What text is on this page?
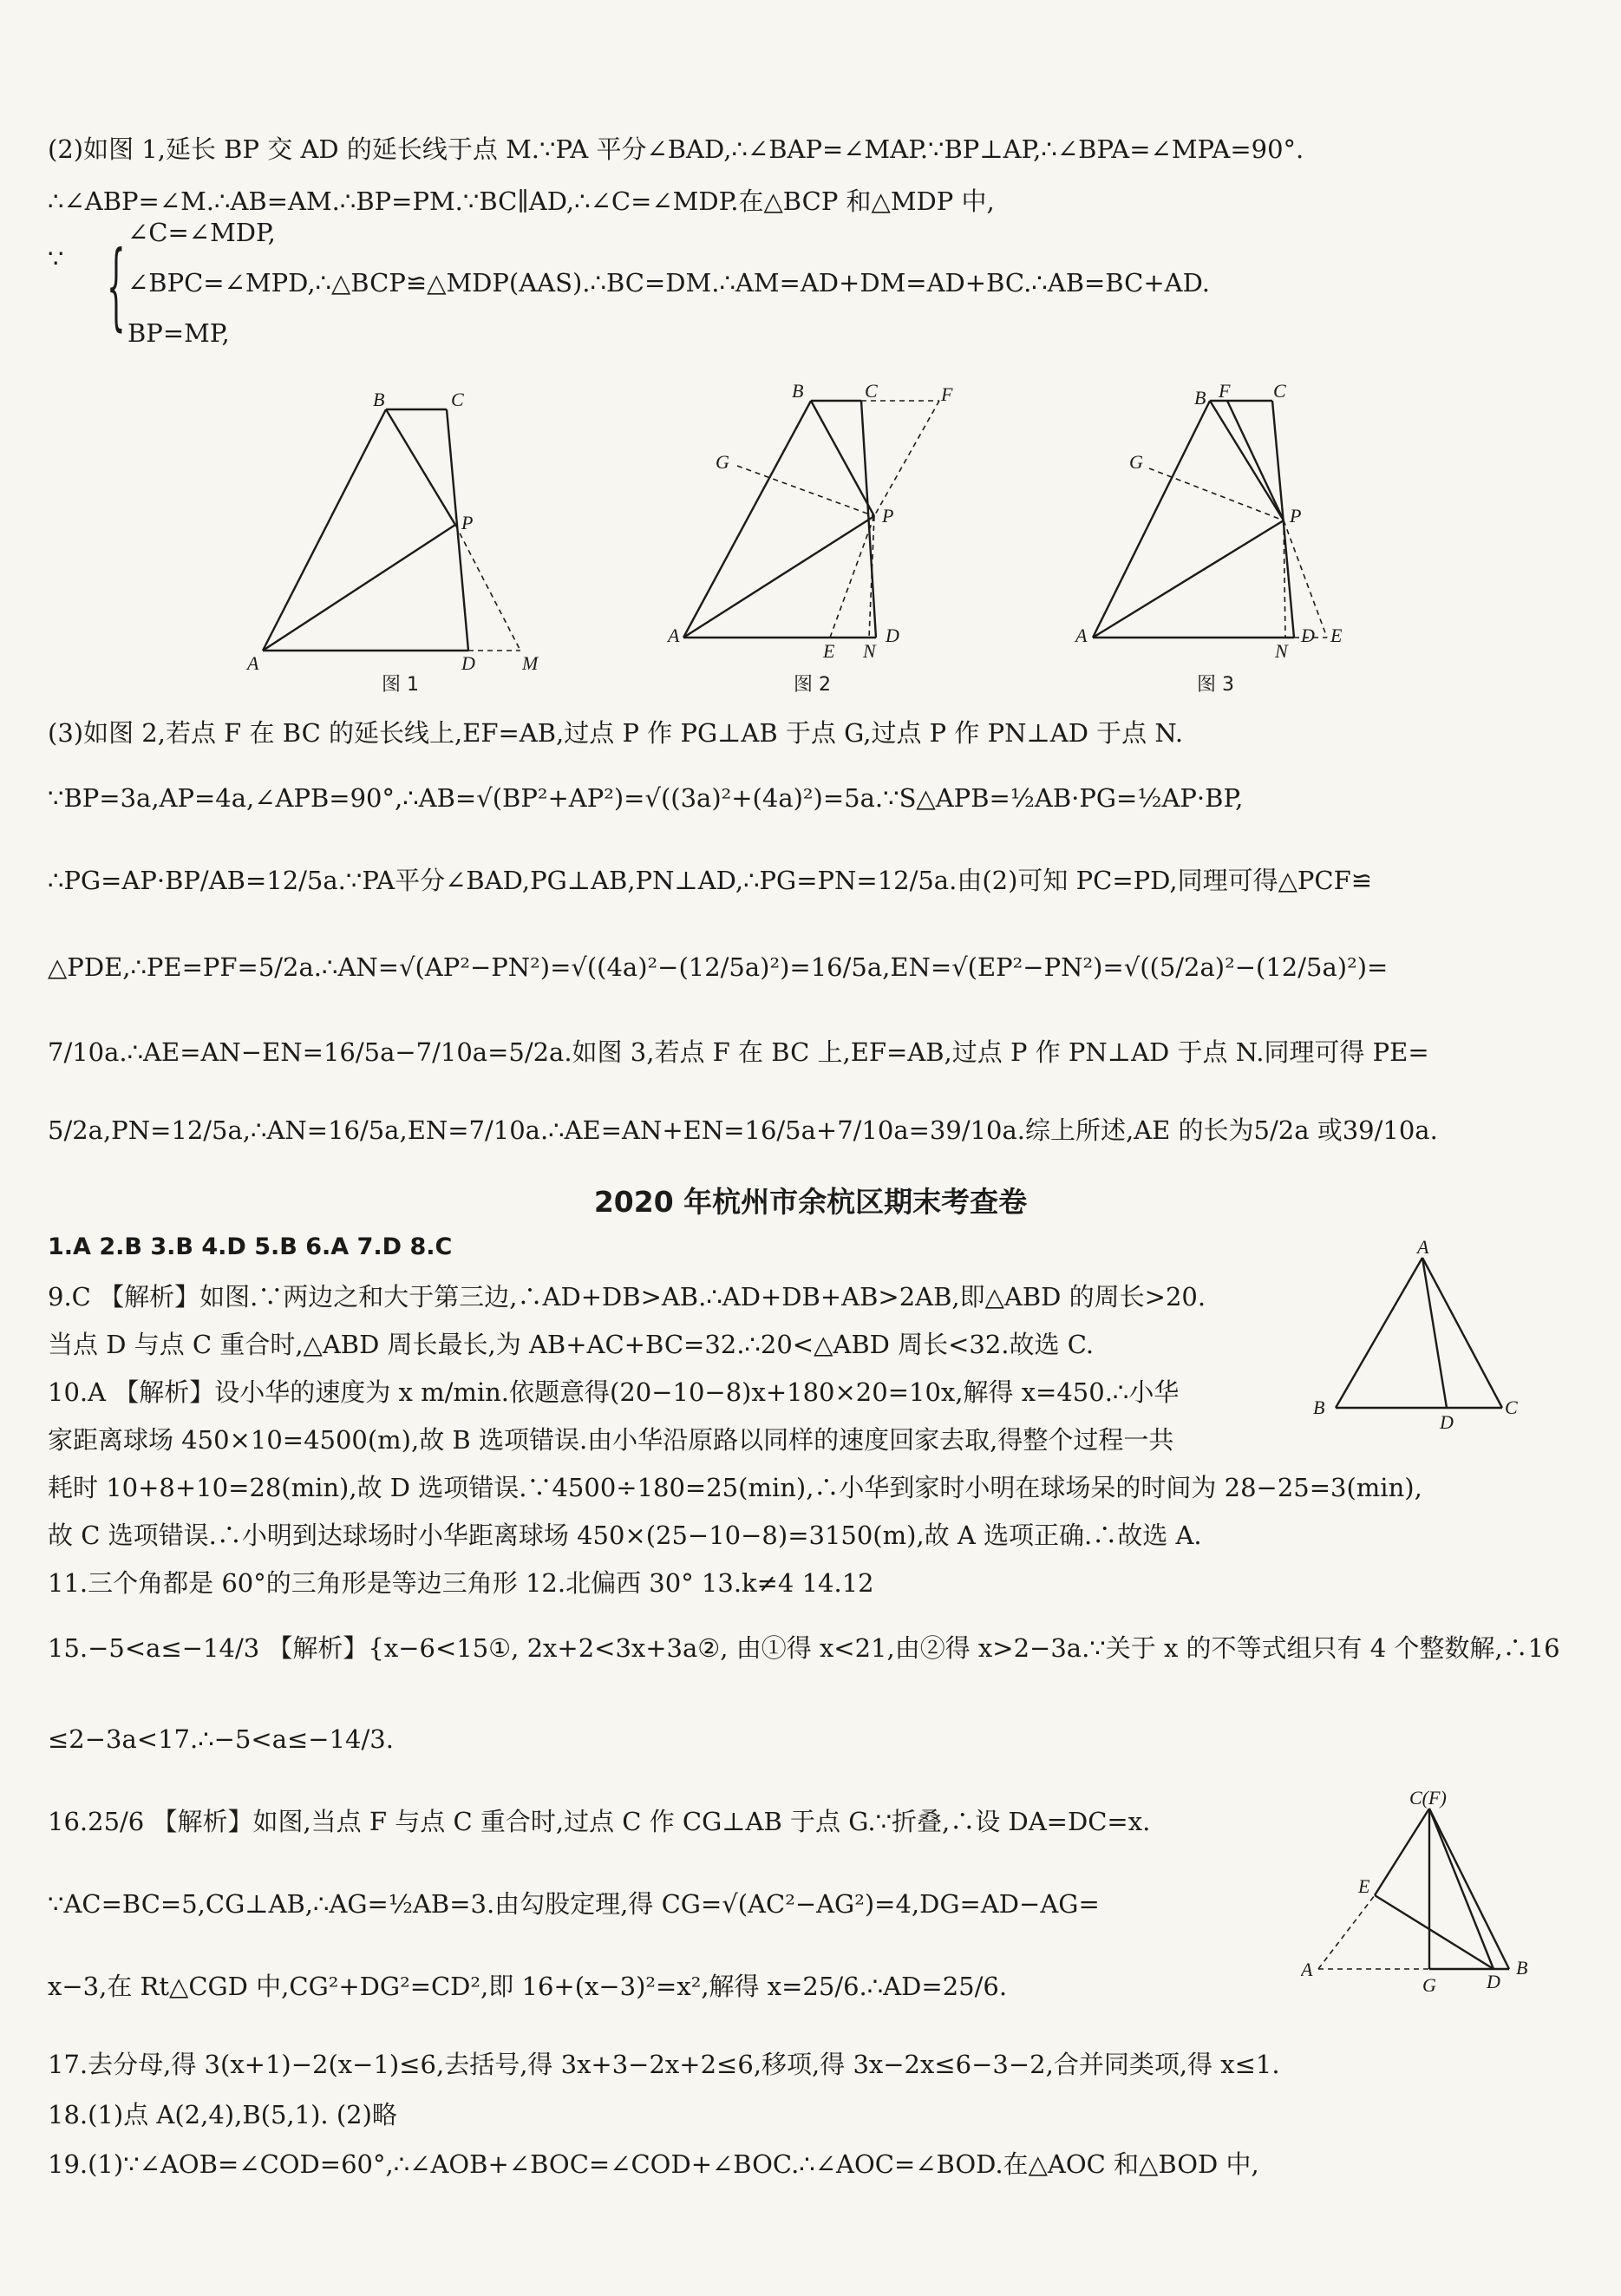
(2)如图 1,延长 BP 交 AD 的延长线于点 M.∵PA 平分∠BAD,∴∠BAP=∠MAP.∵BP⊥AP,∴∠BPA=∠MPA=90°.
∴∠ABP=∠M.∴AB=AM.∴BP=PM.∵BC∥AD,∴∠C=∠MDP.在△BCP 和△MDP 中,
∵	{ ∠C=∠MDP,
∠BPC=∠MPD,∴△BCP≌△MDP(AAS).∴BC=DM.∴AM=AD+DM=AD+BC.∴AB=BC+AD.
BP=MP,
A
B	C
P
D M
图 1
A
B	C	F
G
P
E N
D
图 2
A
B F C
G
P
N
D E
图 3
(3)如图 2,若点 F 在 BC 的延长线上,EF=AB,过点 P 作 PG⊥AB 于点 G,过点 P 作 PN⊥AD 于点 N.
∵BP=3a,AP=4a,∠APB=90°,∴AB=√(BP²+AP²)=√((3a)²+(4a)²)=5a.∵S△APB=½AB·PG=½AP·BP,
∴PG=AP·BP/AB=12/5a.∵PA平分∠BAD,PG⊥AB,PN⊥AD,∴PG=PN=12/5a.由(2)可知 PC=PD,同理可得△PCF≌
△PDE,∴PE=PF=5/2a.∴AN=√(AP²−PN²)=√((4a)²−(12/5a)²)=16/5a,EN=√(EP²−PN²)=√((5/2a)²−(12/5a)²)=
7/10a.∴AE=AN−EN=16/5a−7/10a=5/2a.如图 3,若点 F 在 BC 上,EF=AB,过点 P 作 PN⊥AD 于点 N.同理可得 PE=
5/2a,PN=12/5a,∴AN=16/5a,EN=7/10a.∴AE=AN+EN=16/5a+7/10a=39/10a.综上所述,AE 的长为5/2a 或39/10a.
2020 年杭州市余杭区期末考查卷
1.A 2.B 3.B 4.D 5.B 6.A 7.D 8.C
9.C 【解析】如图.∵两边之和大于第三边,∴AD+DB>AB.∴AD+DB+AB>2AB,即△ABD 的周长>20.
当点 D 与点 C 重合时,△ABD 周长最长,为 AB+AC+BC=32.∴20<△ABD 周长<32.故选 C.
10.A 【解析】设小华的速度为 x m/min.依题意得(20−10−8)x+180×20=10x,解得 x=450.∴小华
家距离球场 450×10=4500(m),故 B 选项错误.由小华沿原路以同样的速度回家去取,得整个过程一共
耗时 10+8+10=28(min),故 D 选项错误.∵4500÷180=25(min),∴小华到家时小明在球场呆的时间为 28−25=3(min),
故 C 选项错误.∴小明到达球场时小华距离球场 450×(25−10−8)=3150(m),故 A 选项正确.∴故选 A.
11.三个角都是 60°的三角形是等边三角形 12.北偏西 30° 13.k≠4 14.12
15.−5<a≤−14/3 【解析】{x−6<15①, 2x+2<3x+3a②, 由①得 x<21,由②得 x>2−3a.∵关于 x 的不等式组只有 4 个整数解,∴16
≤2−3a<17.∴−5<a≤−14/3.
16.25/6 【解析】如图,当点 F 与点 C 重合时,过点 C 作 CG⊥AB 于点 G.∵折叠,∴设 DA=DC=x.
∵AC=BC=5,CG⊥AB,∴AG=½AB=3.由勾股定理,得 CG=√(AC²−AG²)=4,DG=AD−AG=
x−3,在 Rt△CGD 中,CG²+DG²=CD²,即 16+(x−3)²=x²,解得 x=25/6.∴AD=25/6.
17.去分母,得 3(x+1)−2(x−1)≤6,去括号,得 3x+3−2x+2≤6,移项,得 3x−2x≤6−3−2,合并同类项,得 x≤1.
18.(1)点 A(2,4),B(5,1). (2)略
19.(1)∵∠AOB=∠COD=60°,∴∠AOB+∠BOC=∠COD+∠BOC.∴∠AOC=∠BOD.在△AOC 和△BOD 中,
A
B
D
C
C(F)
E
A
G	D
B
